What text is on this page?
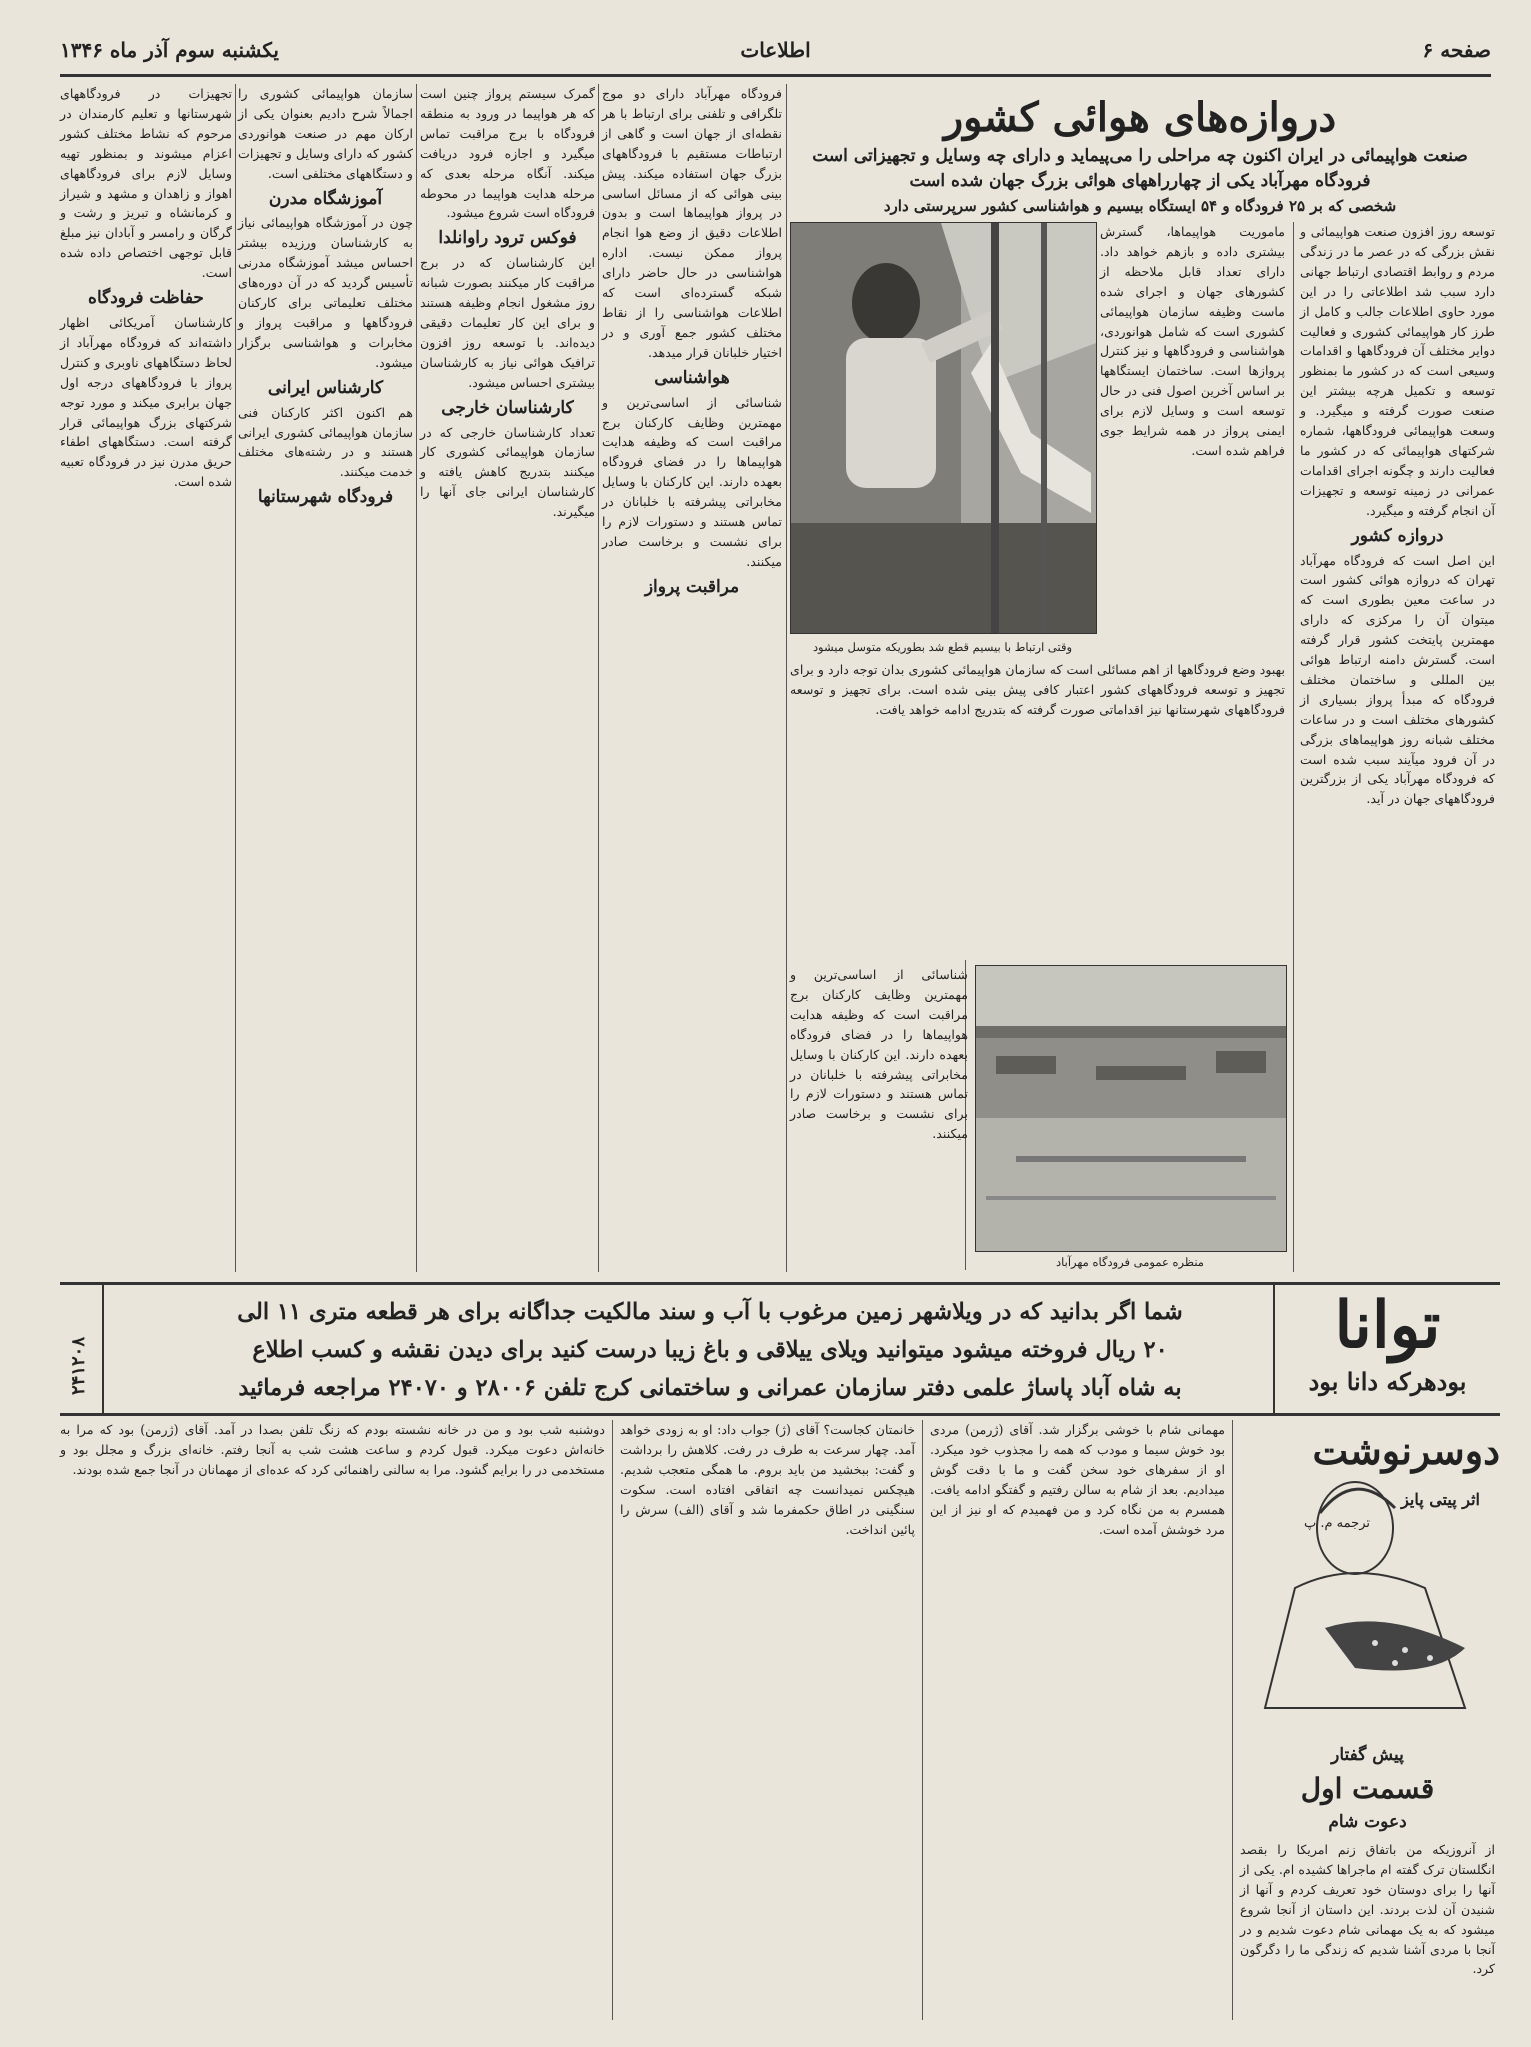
یکشنبه سوم آذر ماه ۱۳۴۶	اطلاعات	صفحه ۶
دروازه‌های هوائی کشور
صنعت هواپیمائی در ایران اکنون چه مراحلی را می‌پیماید و دارای چه وسایل و تجهیزاتی است
فرودگاه مهرآباد یکی از چهارراههای هوائی بزرگ جهان شده است
شخصی که بر ۲۵ فرودگاه و ۵۴ ایستگاه بیسیم و هواشناسی کشور سرپرستی دارد
توسعه روز افزون صنعت هواپیمائی و نقش بزرگی که در عصر ما در زندگی مردم و روابط اقتصادی ارتباط جهانی دارد سبب شد اطلاعاتی را در این مورد حاوی اطلاعات جالب و کامل از طرز کار هواپیمائی کشوری و فعالیت دوایر مختلف آن فرودگاهها و اقدامات وسیعی است که در کشور ما بمنظور توسعه و تکمیل هرچه بیشتر این صنعت صورت گرفته و میگیرد. و وسعت هواپیمائی فرودگاهها، شماره شرکتهای هواپیمائی که در کشور ما فعالیت دارند و چگونه اجرای اقدامات عمرانی در زمینه توسعه و تجهیزات آن انجام گرفته و میگیرد.
دروازه کشور
این اصل است که فرودگاه مهرآباد تهران که دروازه هوائی کشور است در ساعت معین بطوری است که میتوان آن را مرکزی که دارای مهمترین پایتخت کشور قرار گرفته است. گسترش دامنه ارتباط هوائی بین المللی و ساختمان مختلف فرودگاه که مبدأ پرواز بسیاری از کشورهای مختلف است و در ساعات مختلف شبانه روز هواپیماهای بزرگی در آن فرود میآیند سبب شده است که فرودگاه مهرآباد یکی از بزرگترین فرودگاههای جهان در آید.
ماموریت هواپیماها، گسترش بیشتری داده و بازهم خواهد داد. دارای تعداد قابل ملاحظه از کشورهای جهان و اجرای شده ماست وظیفه سازمان هواپیمائی کشوری است که شامل هوانوردی، هواشناسی و فرودگاهها و نیز کنترل پروازها است. ساختمان ایستگاهها بر اساس آخرین اصول فنی در حال توسعه است و وسایل لازم برای ایمنی پرواز در همه شرایط جوی فراهم شده است.
وقتی ارتباط با بیسیم قطع شد بطوریکه متوسل میشود
بهبود وضع فرودگاهها از اهم مسائلی است که سازمان هواپیمائی کشوری بدان توجه دارد و برای تجهیز و توسعه فرودگاههای کشور اعتبار کافی پیش بینی شده است. برای تجهیز و توسعه فرودگاههای شهرستانها نیز اقداماتی صورت گرفته که بتدریج ادامه خواهد یافت.
منظره عمومی فرودگاه مهرآباد
فرودگاه مهرآباد دارای دو موج تلگرافی و تلفنی برای ارتباط با هر نقطه‌ای از جهان است و گاهی از ارتباطات مستقیم با فرودگاههای بزرگ جهان استفاده میکند. پیش بینی هوائی که از مسائل اساسی در پرواز هواپیماها است و بدون اطلاعات دقیق از وضع هوا انجام پرواز ممکن نیست. اداره هواشناسی در حال حاضر دارای شبکه گسترده‌ای است که اطلاعات هواشناسی را از نقاط مختلف کشور جمع آوری و در اختیار خلبانان قرار میدهد.
هواشناسی
شناسائی از اساسی‌ترین و مهمترین وظایف کارکنان برج مراقبت است که وظیفه هدایت هواپیماها را در فضای فرودگاه بعهده دارند. این کارکنان با وسایل مخابراتی پیشرفته با خلبانان در تماس هستند و دستورات لازم را برای نشست و برخاست صادر میکنند.
مراقبت پرواز
شناسائی از اساسی‌ترین و مهمترین وظایف کارکنان برج مراقبت است که وظیفه هدایت هواپیماها را در فضای فرودگاه بعهده دارند. این کارکنان با وسایل مخابراتی پیشرفته با خلبانان در تماس هستند و دستورات لازم را برای نشست و برخاست صادر میکنند.
گمرک سیستم پرواز چنین است که هر هواپیما در ورود به منطقه فرودگاه با برج مراقبت تماس میگیرد و اجازه فرود دریافت میکند. آنگاه مرحله بعدی که مرحله هدایت هواپیما در محوطه فرودگاه است شروع میشود.
فوکس ترود راوانلدا
این کارشناسان که در برج مراقبت کار میکنند بصورت شبانه روز مشغول انجام وظیفه هستند و برای این کار تعلیمات دقیقی دیده‌اند. با توسعه روز افزون ترافیک هوائی نیاز به کارشناسان بیشتری احساس میشود.
کارشناسان خارجی
تعداد کارشناسان خارجی که در سازمان هواپیمائی کشوری کار میکنند بتدریج کاهش یافته و کارشناسان ایرانی جای آنها را میگیرند.
سازمان هواپیمائی کشوری را اجمالاً شرح دادیم بعنوان یکی از ارکان مهم در صنعت هوانوردی کشور که دارای وسایل و تجهیزات و دستگاههای مختلفی است.
آموزشگاه مدرن
چون در آموزشگاه هواپیمائی نیاز به کارشناسان ورزیده بیشتر احساس میشد آموزشگاه مدرنی تأسیس گردید که در آن دوره‌های مختلف تعلیماتی برای کارکنان فرودگاهها و مراقبت پرواز و مخابرات و هواشناسی برگزار میشود.
کارشناس ایرانی
هم اکنون اکثر کارکنان فنی سازمان هواپیمائی کشوری ایرانی هستند و در رشته‌های مختلف خدمت میکنند.
فرودگاه شهرستانها
تجهیزات در فرودگاههای شهرستانها و تعلیم کارمندان در مرحوم که نشاط مختلف کشور اعزام میشوند و بمنظور تهیه وسایل لازم برای فرودگاههای اهواز و زاهدان و مشهد و شیراز و کرمانشاه و تبریز و رشت و گرگان و رامسر و آبادان نیز مبلغ قابل توجهی اختصاص داده شده است.
حفاظت فرودگاه
کارشناسان آمریکائی اظهار داشته‌اند که فرودگاه مهرآباد از لحاظ دستگاههای ناوبری و کنترل پرواز با فرودگاههای درجه اول جهان برابری میکند و مورد توجه شرکتهای بزرگ هواپیمائی قرار گرفته است. دستگاههای اطفاء حریق مدرن نیز در فرودگاه تعبیه شده است.
توانا
بودهرکه دانا بود
شما اگر بدانید که در ویلاشهر زمین مرغوب با آب و سند مالکیت جداگانه برای هر قطعه متری ۱۱ الی
۲۰ ریال فروخته میشود میتوانید ویلای ییلاقی و باغ زیبا درست کنید برای دیدن نقشه و کسب اطلاع
به شاه آباد پاساژ علمی دفتر سازمان عمرانی و ساختمانی کرج تلفن ۲۸۰۰۶ و ۲۴۰۷۰ مراجعه فرمائید
۲۴۱۲۰۸
دوسرنوشت
اثر پیتی پایز
ترجمه م. پ
پیش گفتار
قسمت اول
دعوت شام
از آنروزیکه من باتفاق زنم امریکا را بقصد انگلستان ترک گفته ام ماجراها کشیده ام. یکی از آنها را برای دوستان خود تعریف کردم و آنها از شنیدن آن لذت بردند. این داستان از آنجا شروع میشود که به یک مهمانی شام دعوت شدیم و در آنجا با مردی آشنا شدیم که زندگی ما را دگرگون کرد.
مهمانی شام با خوشی برگزار شد. آقای (ژرمن) مردی بود خوش سیما و مودب که همه را مجذوب خود میکرد. او از سفرهای خود سخن گفت و ما با دقت گوش میدادیم. بعد از شام به سالن رفتیم و گفتگو ادامه یافت. همسرم به من نگاه کرد و من فهمیدم که او نیز از این مرد خوشش آمده است.
خانمتان کجاست؟ آقای (ژ) جواب داد: او به زودی خواهد آمد. چهار سرعت به طرف در رفت. کلاهش را برداشت و گفت: ببخشید من باید بروم. ما همگی متعجب شدیم. هیچکس نمیدانست چه اتفاقی افتاده است. سکوت سنگینی در اطاق حکمفرما شد و آقای (الف) سرش را پائین انداخت.
دوشنبه شب بود و من در خانه نشسته بودم که زنگ تلفن بصدا در آمد. آقای (ژرمن) بود که مرا به خانه‌اش دعوت میکرد. قبول کردم و ساعت هشت شب به آنجا رفتم. خانه‌ای بزرگ و مجلل بود و مستخدمی در را برایم گشود. مرا به سالنی راهنمائی کرد که عده‌ای از مهمانان در آنجا جمع شده بودند.
